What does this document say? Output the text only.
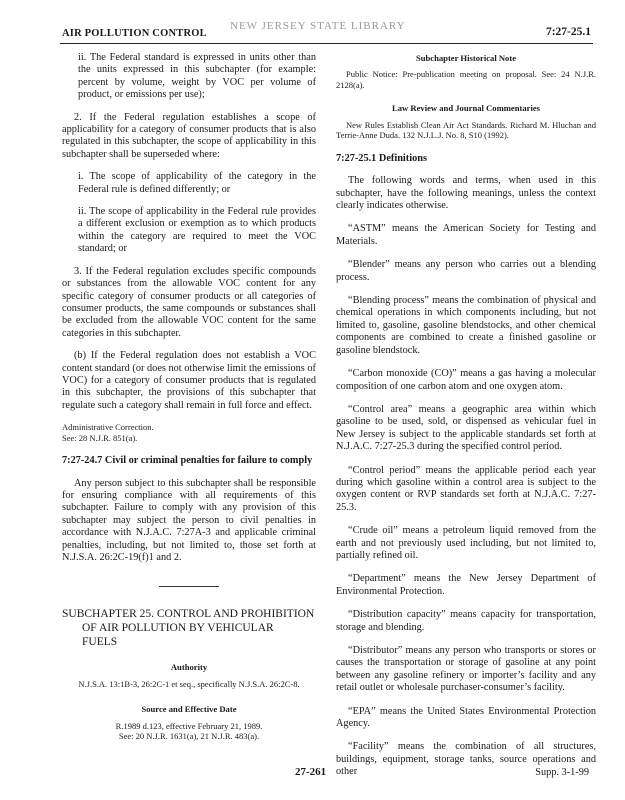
AIR POLLUTION CONTROL
NEW JERSEY STATE LIBRARY	7:27-25.1

ii. The Federal standard is expressed in units other than the units expressed in this subchapter (for example: percent by volume, weight by VOC per volume of product, or emissions per use);

2. If the Federal regulation establishes a scope of applicability for a category of consumer products that is also regulated in this subchapter, the scope of applicability in this subchapter shall be superseded where:

i. The scope of applicability of the category in the Federal rule is defined differently; or

ii. The scope of applicability in the Federal rule provides a different exclusion or exemption as to which products within the category are required to meet the VOC standard; or

3. If the Federal regulation excludes specific compounds or substances from the allowable VOC content for any specific category of consumer products or all categories of consumer products, the same compounds or substances shall be excluded from the allowable VOC content for the same categories in this subchapter.

(b) If the Federal regulation does not establish a VOC content standard (or does not otherwise limit the emissions of VOC) for a category of consumer products that is regulated in this subchapter, the provisions of this subchapter that regulate such a category shall remain in full force and effect.

Administrative Correction.
See: 28 N.J.R. 851(a).
7:27-24.7 Civil or criminal penalties for failure to comply

Any person subject to this subchapter shall be responsible for ensuring compliance with all requirements of this subchapter. Failure to comply with any provision of this subchapter may subject the person to civil penalties in accordance with N.J.A.C. 7:27A-3 and applicable criminal penalties, including, but not limited to, those set forth at N.J.S.A. 26:2C-19(f)1 and 2.

SUBCHAPTER 25. CONTROL AND PROHIBITION
OF AIR POLLUTION BY VEHICULAR
FUELS
Authority
N.J.S.A. 13:1B-3, 26:2C-1 et seq., specifically N.J.S.A. 26:2C-8.
Source and Effective Date
R.1989 d.123, effective February 21, 1989.
See: 20 N.J.R. 1631(a), 21 N.J.R. 483(a).
Subchapter Historical Note

Public Notice: Pre-publication meeting on proposal. See: 24 N.J.R. 2128(a).

Law Review and Journal Commentaries

New Rules Establish Clean Air Act Standards. Richard M. Hluchan and Terrie-Anne Duda. 132 N.J.L.J. No. 8, S10 (1992).

7:27-25.1 Definitions

The following words and terms, when used in this subchapter, have the following meanings, unless the context clearly indicates otherwise.

“ASTM” means the American Society for Testing and Materials.

“Blender” means any person who carries out a blending process.

“Blending process” means the combination of physical and chemical operations in which components including, but not limited to, gasoline, gasoline blendstocks, and other chemical components are combined to create a finished gasoline or gasoline blendstock.

“Carbon monoxide (CO)” means a gas having a molecular composition of one carbon atom and one oxygen atom.

“Control area” means a geographic area within which gasoline to be used, sold, or dispensed as vehicular fuel in New Jersey is subject to the applicable standards set forth at N.J.A.C. 7:27-25.3 during the specified control period.

“Control period” means the applicable period each year during which gasoline within a control area is subject to the oxygen content or RVP standards set forth at N.J.A.C. 7:27-25.3.

“Crude oil” means a petroleum liquid removed from the earth and not previously used including, but not limited to, partially refined oil.

“Department” means the New Jersey Department of Environmental Protection.

“Distribution capacity” means capacity for transportation, storage and blending.

“Distributor” means any person who transports or stores or causes the transportation or storage of gasoline at any point between any gasoline refinery or importer’s facility and any retail outlet or wholesale purchaser-consumer’s facility.

“EPA” means the United States Environmental Protection Agency.

“Facility” means the combination of all structures, buildings, equipment, storage tanks, source operations and other

27-261	Supp. 3-1-99
